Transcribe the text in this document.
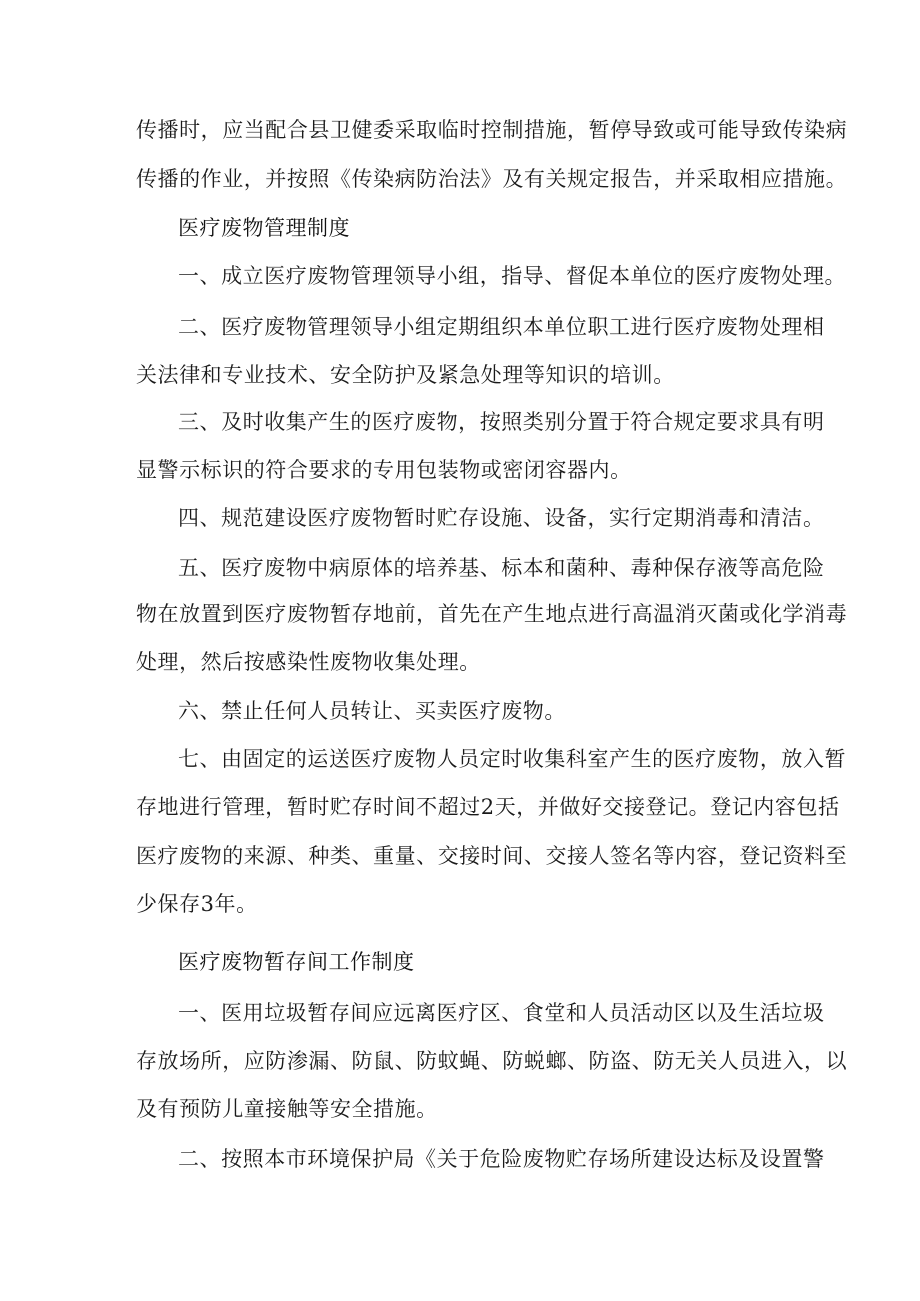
传播时，应当配合县卫健委采取临时控制措施，暂停导致或可能导致传染病
传播的作业，并按照《传染病防治法》及有关规定报告，并采取相应措施。
医疗废物管理制度
一、成立医疗废物管理领导小组，指导、督促本单位的医疗废物处理。
二、医疗废物管理领导小组定期组织本单位职工进行医疗废物处理相
关法律和专业技术、安全防护及紧急处理等知识的培训。
三、及时收集产生的医疗废物，按照类别分置于符合规定要求具有明
显警示标识的符合要求的专用包装物或密闭容器内。
四、规范建设医疗废物暂时贮存设施、设备，实行定期消毒和清洁。
五、医疗废物中病原体的培养基、标本和菌种、毒种保存液等高危险
物在放置到医疗废物暂存地前，首先在产生地点进行高温消灭菌或化学消毒
处理，然后按感染性废物收集处理。
六、禁止任何人员转让、买卖医疗废物。
七、由固定的运送医疗废物人员定时收集科室产生的医疗废物，放入暂
存地进行管理，暂时贮存时间不超过2天，并做好交接登记。登记内容包括
医疗废物的来源、种类、重量、交接时间、交接人签名等内容，登记资料至
少保存3年。
医疗废物暂存间工作制度
一、医用垃圾暂存间应远离医疗区、食堂和人员活动区以及生活垃圾
存放场所，应防渗漏、防鼠、防蚊蝇、防蜕螂、防盗、防无关人员进入，以
及有预防儿童接触等安全措施。
二、按照本市环境保护局《关于危险废物贮存场所建设达标及设置警
